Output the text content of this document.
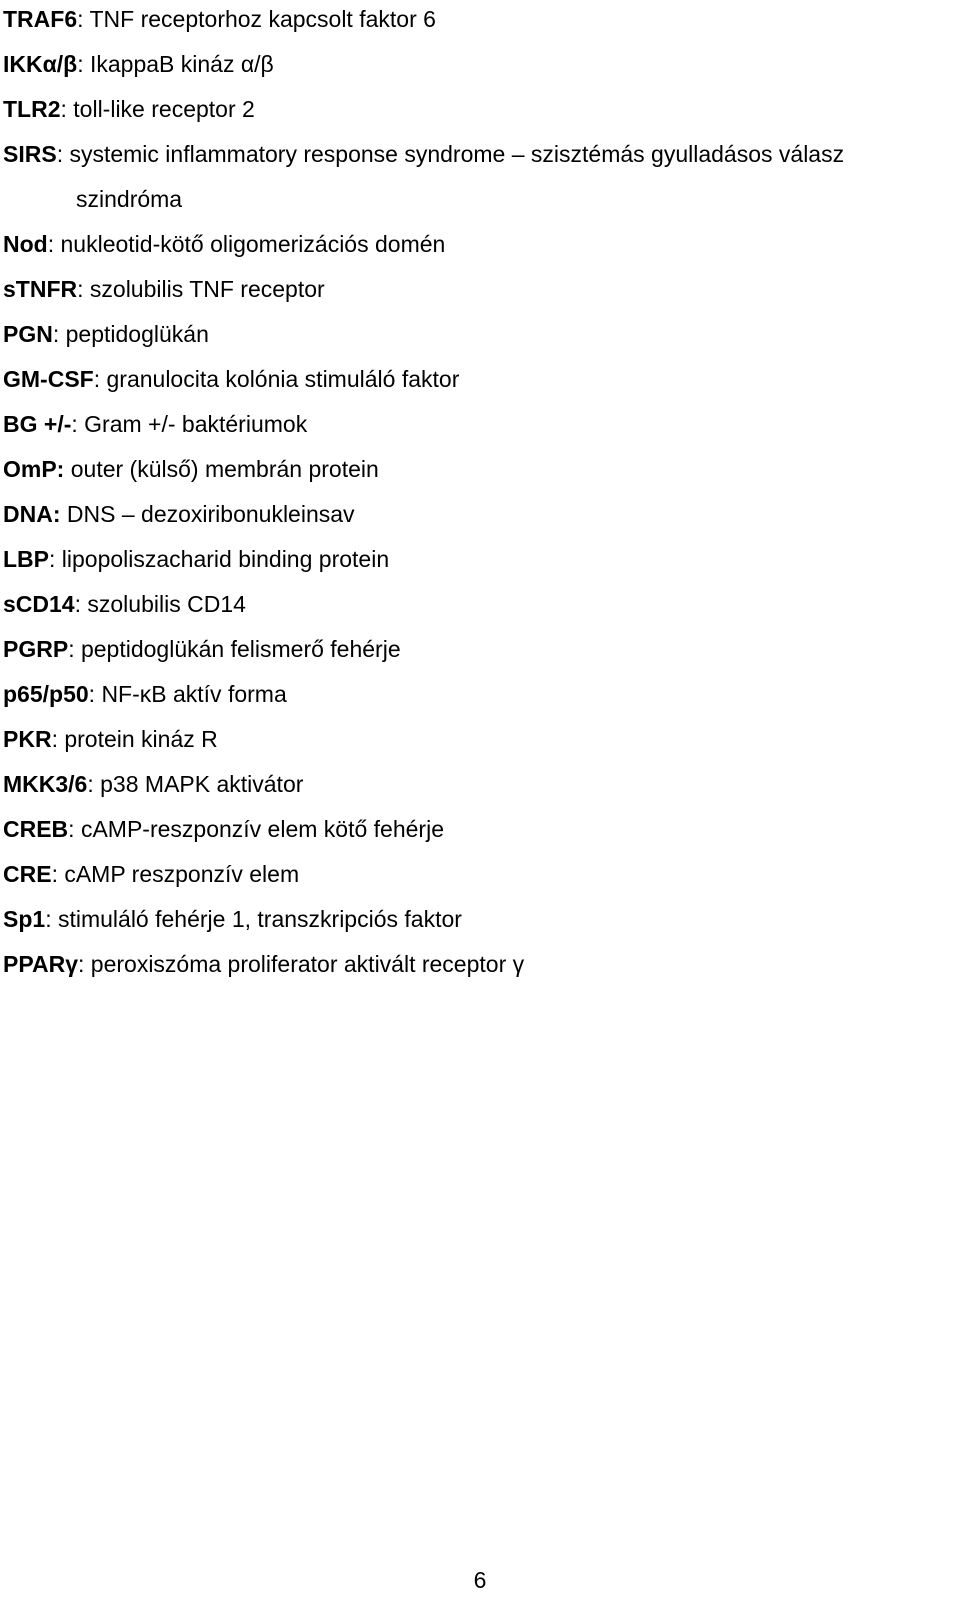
TRAF6: TNF receptorhoz kapcsolt faktor 6
IKKα/β: IkappaB kináz α/β
TLR2: toll-like receptor 2
SIRS: systemic inflammatory response syndrome – szisztémás gyulladásos válasz szindróma
Nod: nukleotid-kötő oligomerizációs domén
sTNFR: szolubilis TNF receptor
PGN: peptidoglükán
GM-CSF: granulocita kolónia stimuláló faktor
BG +/-: Gram +/- baktériumok
OmP: outer (külső) membrán protein
DNA: DNS – dezoxiribonukleinsav
LBP: lipopoliszacharid binding protein
sCD14: szolubilis CD14
PGRP: peptidoglükán felismerő fehérje
p65/p50: NF-κB aktív forma
PKR: protein kináz R
MKK3/6: p38 MAPK aktivátor
CREB: cAMP-reszponzív elem kötő fehérje
CRE: cAMP reszponzív elem
Sp1: stimuláló fehérje 1, transzkripciós faktor
PPARγ: peroxiszóma proliferator aktivált receptor γ
6
